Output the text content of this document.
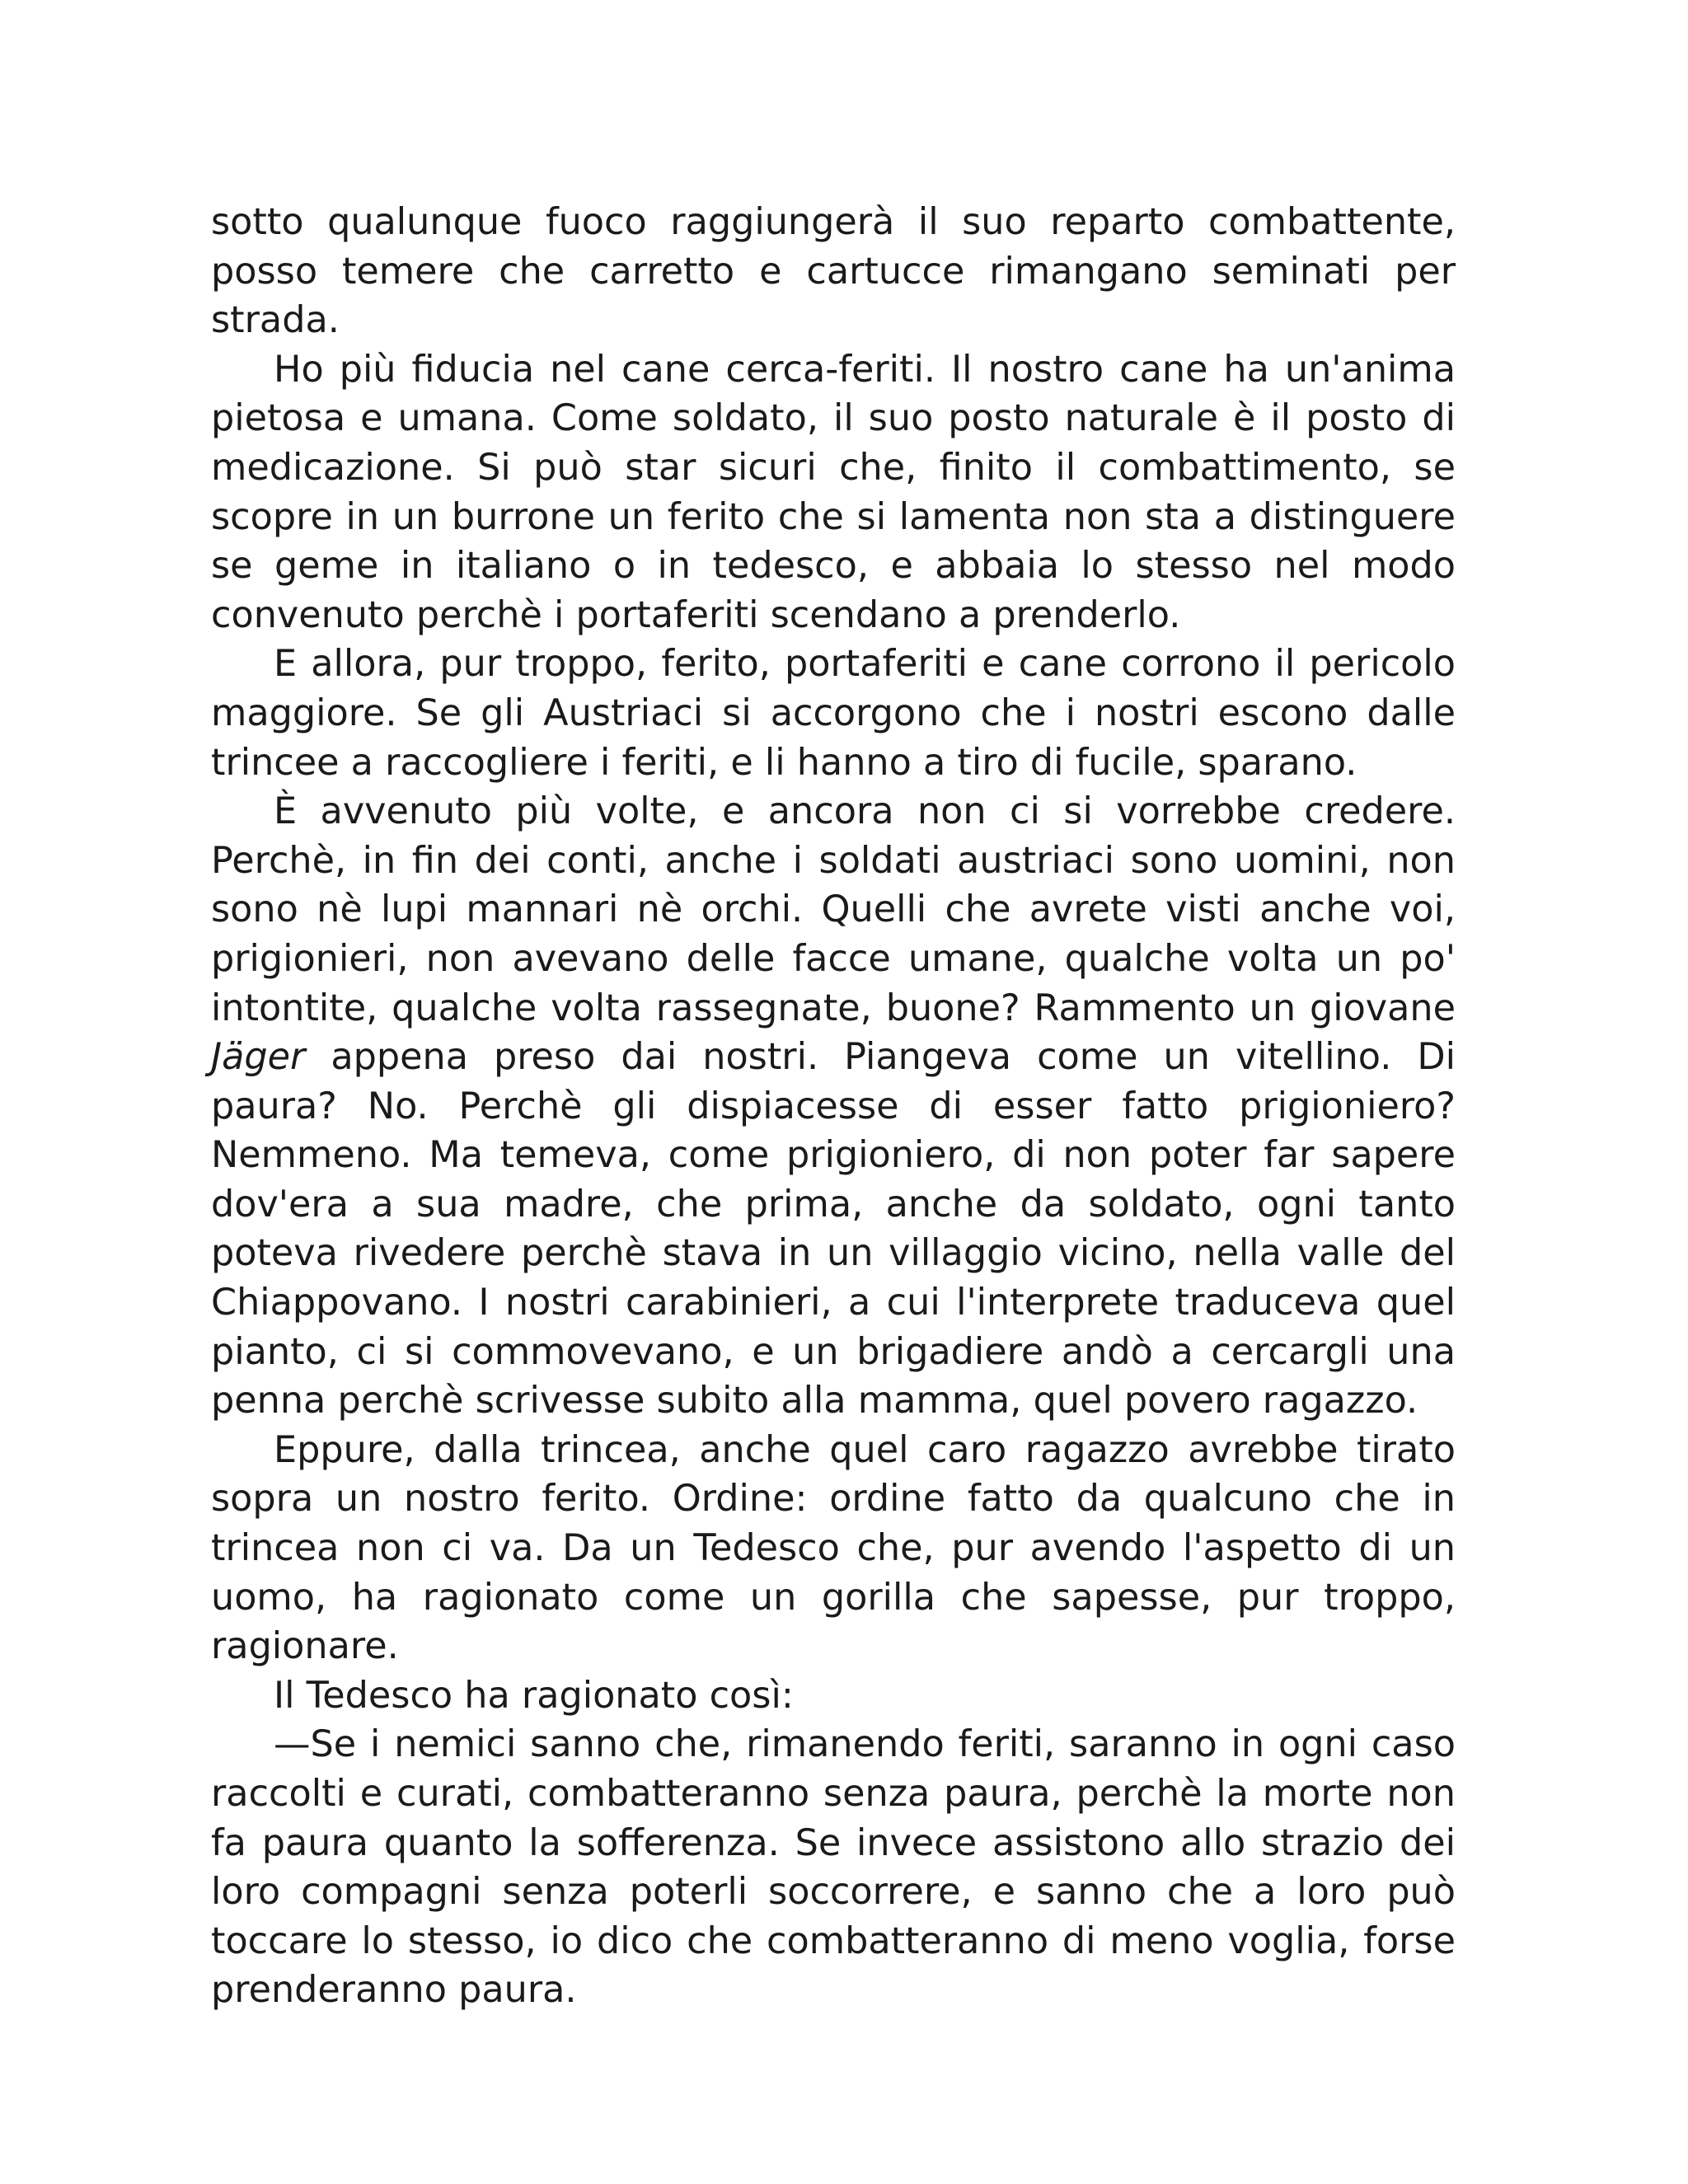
sotto qualunque fuoco raggiungerà il suo reparto combattente, posso temere che carretto e cartucce rimangano seminati per strada.

Ho più fiducia nel cane cerca-feriti. Il nostro cane ha un'anima pietosa e umana. Come soldato, il suo posto naturale è il posto di medicazione. Si può star sicuri che, finito il combattimento, se scopre in un burrone un ferito che si lamenta non sta a distinguere se geme in italiano o in tedesco, e abbaia lo stesso nel modo convenuto perchè i portaferiti scendano a prenderlo.

E allora, pur troppo, ferito, portaferiti e cane corrono il pericolo maggiore. Se gli Austriaci si accorgono che i nostri escono dalle trincee a raccogliere i feriti, e li hanno a tiro di fucile, sparano.

È avvenuto più volte, e ancora non ci si vorrebbe credere. Perchè, in fin dei conti, anche i soldati austriaci sono uomini, non sono nè lupi mannari nè orchi. Quelli che avrete visti anche voi, prigionieri, non avevano delle facce umane, qualche volta un po' intontite, qualche volta rassegnate, buone? Rammento un giovane Jäger appena preso dai nostri. Piangeva come un vitellino. Di paura? No. Perchè gli dispiacesse di esser fatto prigioniero? Nemmeno. Ma temeva, come prigioniero, di non poter far sapere dov'era a sua madre, che prima, anche da soldato, ogni tanto poteva rivedere perchè stava in un villaggio vicino, nella valle del Chiappovano. I nostri carabinieri, a cui l'interprete traduceva quel pianto, ci si commovevano, e un brigadiere andò a cercargli una penna perchè scrivesse subito alla mamma, quel povero ragazzo.

Eppure, dalla trincea, anche quel caro ragazzo avrebbe tirato sopra un nostro ferito. Ordine: ordine fatto da qualcuno che in trincea non ci va. Da un Tedesco che, pur avendo l'aspetto di un uomo, ha ragionato come un gorilla che sapesse, pur troppo, ragionare.

Il Tedesco ha ragionato così:

—Se i nemici sanno che, rimanendo feriti, saranno in ogni caso raccolti e curati, combatteranno senza paura, perchè la morte non fa paura quanto la sofferenza. Se invece assistono allo strazio dei loro compagni senza poterli soccorrere, e sanno che a loro può toccare lo stesso, io dico che combatteranno di meno voglia, forse prenderanno paura.
